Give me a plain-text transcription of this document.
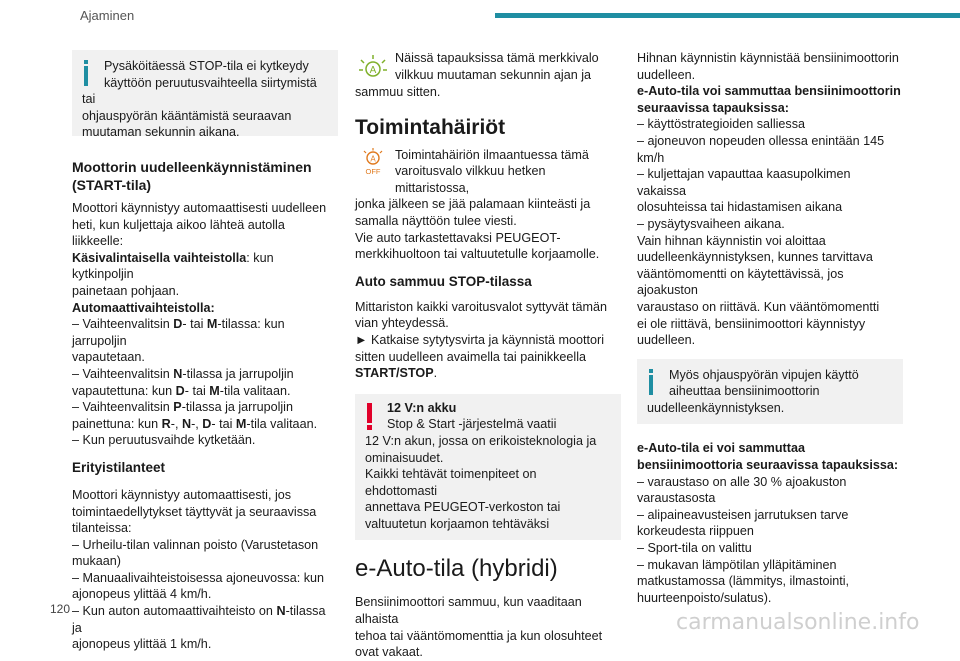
Ajaminen

Pysäköitäessä STOP-tila ei kytkeydy

käyttöön peruutusvaihteella siirtymistä tai

ohjauspyörän kääntämistä seuraavan

muutaman sekunnin aikana.

Moottorin uudelleenkäynnistäminen
(START-tila)

Moottori käynnistyy automaattisesti uudelleen

heti, kun kuljettaja aikoo lähteä autolla liikkeelle:

Käsivalintaisella vaihteistolla: kun kytkinpoljin

painetaan pohjaan.

Automaattivaihteistolla:

– Vaihteenvalitsin D- tai M-tilassa: kun jarrupoljin

vapautetaan.

– Vaihteenvalitsin N-tilassa ja jarrupoljin

vapautettuna: kun D- tai M-tila valitaan.

– Vaihteenvalitsin P-tilassa ja jarrupoljin

painettuna: kun R-, N-, D- tai M-tila valitaan.

– Kun peruutusvaihde kytketään.

Erityistilanteet

Moottori käynnistyy automaattisesti, jos

toimintaedellytykset täyttyvät ja seuraavissa

tilanteissa:

– Urheilu-tilan valinnan poisto (Varustetason

mukaan)

– Manuaalivaihteistoisessa ajoneuvossa: kun

ajonopeus ylittää 4 km/h.

– Kun auton automaattivaihteisto on N-tilassa ja

ajonopeus ylittää 1 km/h.

A

Näissä tapauksissa tämä merkkivalo

vilkkuu muutaman sekunnin ajan ja

sammuu sitten.

Toimintahäiriöt
A
OFF

Toimintahäiriön ilmaantuessa tämä

varoitusvalo vilkkuu hetken mittaristossa,

jonka jälkeen se jää palamaan kiinteästi ja

samalla näyttöön tulee viesti.

Vie auto tarkastettavaksi PEUGEOT-

merkkihuoltoon tai valtuutetulle korjaamolle.

Auto sammuu STOP-tilassa

Mittariston kaikki varoitusvalot syttyvät tämän

vian yhteydessä.

► Katkaise sytytysvirta ja käynnistä moottori

sitten uudelleen avaimella tai painikkeella

START/STOP.

12 V:n akku

Stop & Start -järjestelmä vaatii

12 V:n akun, jossa on erikoisteknologia ja

ominaisuudet.

Kaikki tehtävät toimenpiteet on ehdottomasti

annettava PEUGEOT-verkoston tai

valtuutetun korjaamon tehtäväksi

e-Auto-tila (hybridi)

Bensiinimoottori sammuu, kun vaaditaan alhaista

tehoa tai vääntömomenttia ja kun olosuhteet

ovat vakaat.

Hihnan käynnistin käynnistää bensiinimoottorin

uudelleen.

e-Auto-tila voi sammuttaa bensiinimoottorin

seuraavissa tapauksissa:

– käyttöstrategioiden salliessa

– ajoneuvon nopeuden ollessa enintään 145

km/h

– kuljettajan vapauttaa kaasupolkimen vakaissa

olosuhteissa tai hidastamisen aikana

– pysäytysvaiheen aikana.

Vain hihnan käynnistin voi aloittaa

uudelleenkäynnistyksen, kunnes tarvittava

vääntömomentti on käytettävissä, jos ajoakuston

varaustaso on riittävä. Kun vääntömomentti

ei ole riittävä, bensiinimoottori käynnistyy

uudelleen.

Myös ohjauspyörän vipujen käyttö

aiheuttaa bensiinimoottorin

uudelleenkäynnistyksen.

e-Auto-tila ei voi sammuttaa

bensiinimoottoria seuraavissa tapauksissa:

– varaustaso on alle 30 % ajoakuston

varaustasosta

– alipaineavusteisen jarrutuksen tarve

korkeudesta riippuen

– Sport-tila on valittu

– mukavan lämpötilan ylläpitäminen

matkustamossa (lämmitys, ilmastointi,

huurteenpoisto/sulatus).

120
carmanualsonline.info
